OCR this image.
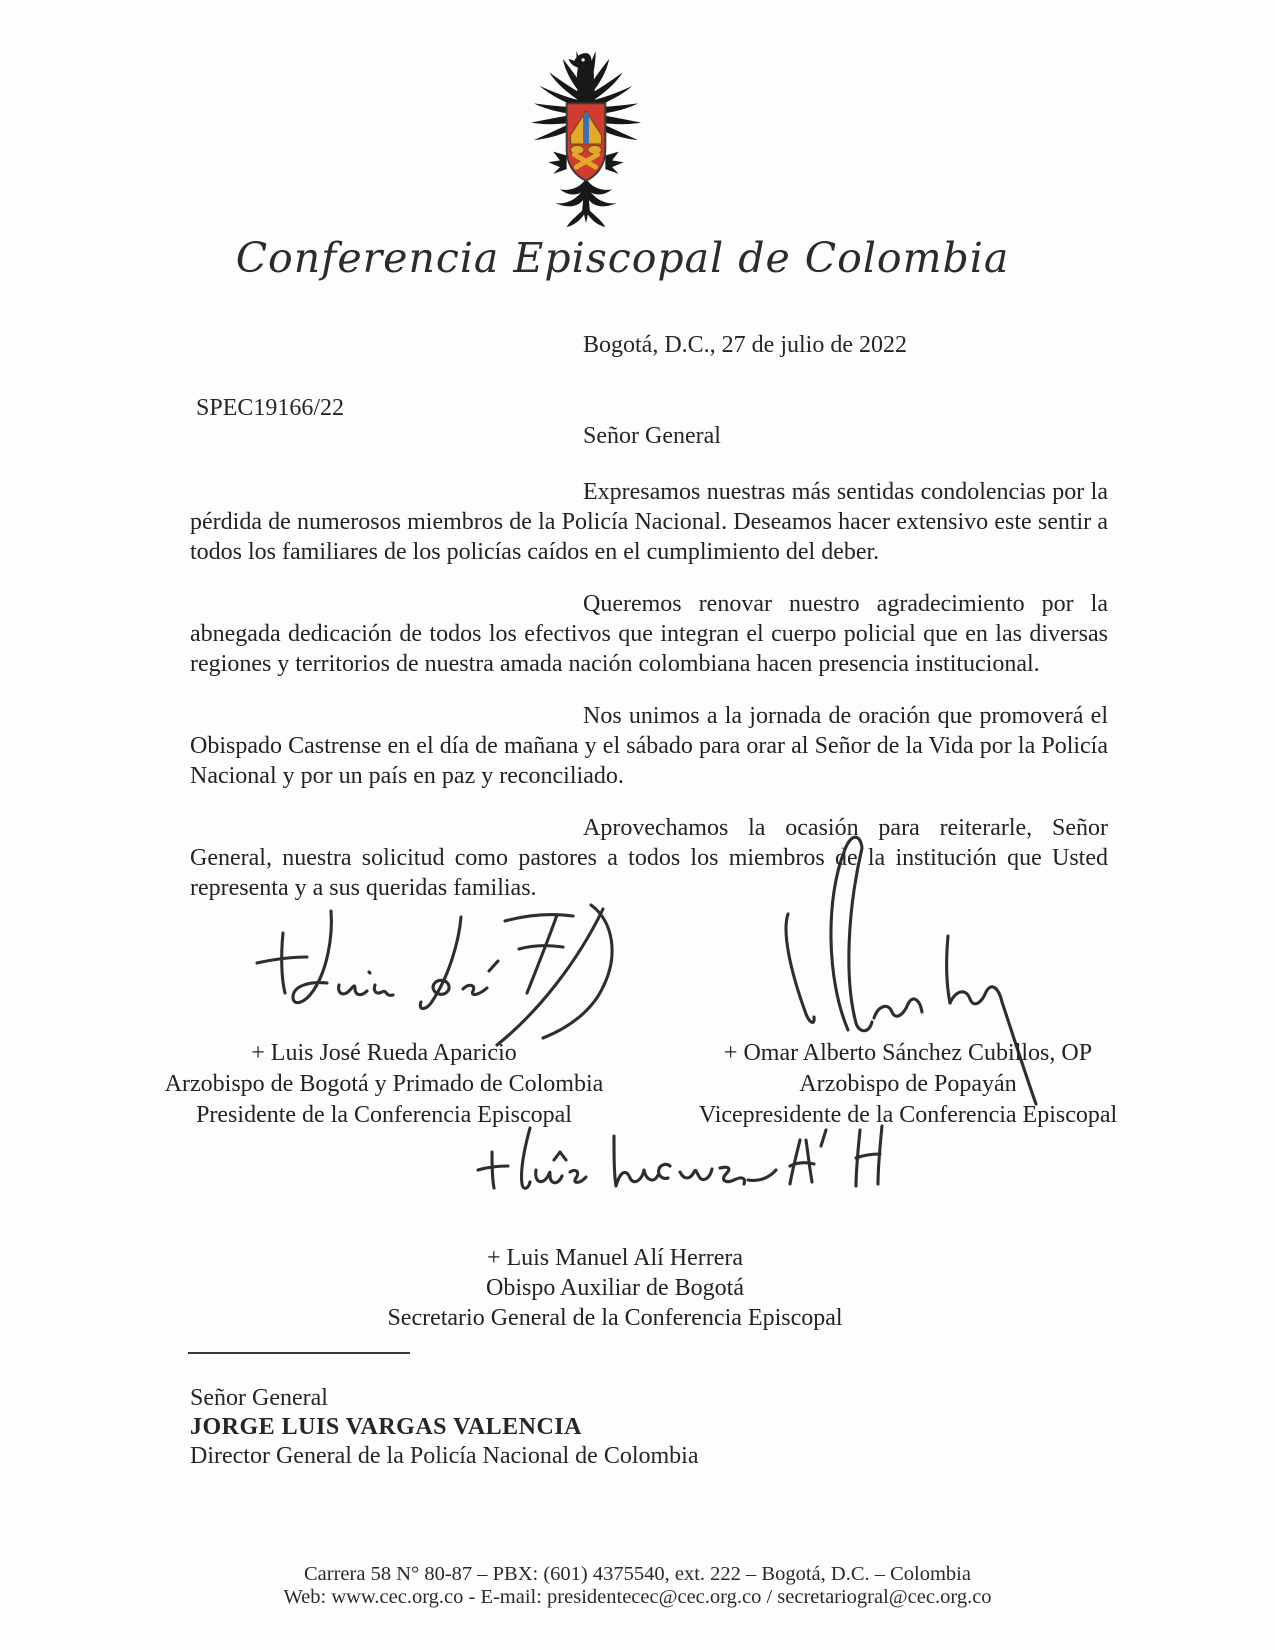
Conferencia Episcopal de Colombia
Bogotá, D.C., 27 de julio de 2022
SPEC19166/22
Señor General

Expresamos nuestras más sentidas condolencias por la pérdida de numerosos miembros de la Policía Nacional. Deseamos hacer extensivo este sentir a todos los familiares de los policías caídos en el cumplimiento del deber.

Queremos renovar nuestro agradecimiento por la abnegada dedicación de todos los efectivos que integran el cuerpo policial que en las diversas regiones y territorios de nuestra amada nación colombiana hacen presencia institucional.

Nos unimos a la jornada de oración que promoverá el Obispado Castrense en el día de mañana y el sábado para orar al Señor de la Vida por la Policía Nacional y por un país en paz y reconciliado.

Aprovechamos la ocasión para reiterarle, Señor General, nuestra solicitud como pastores a todos los miembros de la institución que Usted representa y a sus queridas familias.

+ Luis José Rueda Aparicio
Arzobispo de Bogotá y Primado de Colombia
Presidente de la Conferencia Episcopal
+ Omar Alberto Sánchez Cubillos, OP
Arzobispo de Popayán
Vicepresidente de la Conferencia Episcopal
+ Luis Manuel Alí Herrera
Obispo Auxiliar de Bogotá
Secretario General de la Conferencia Episcopal
Señor General
JORGE LUIS VARGAS VALENCIA
Director General de la Policía Nacional de Colombia
Carrera 58 N° 80-87 – PBX: (601) 4375540, ext. 222 – Bogotá, D.C. – Colombia
Web: www.cec.org.co - E-mail: presidentecec@cec.org.co / secretariogral@cec.org.co
